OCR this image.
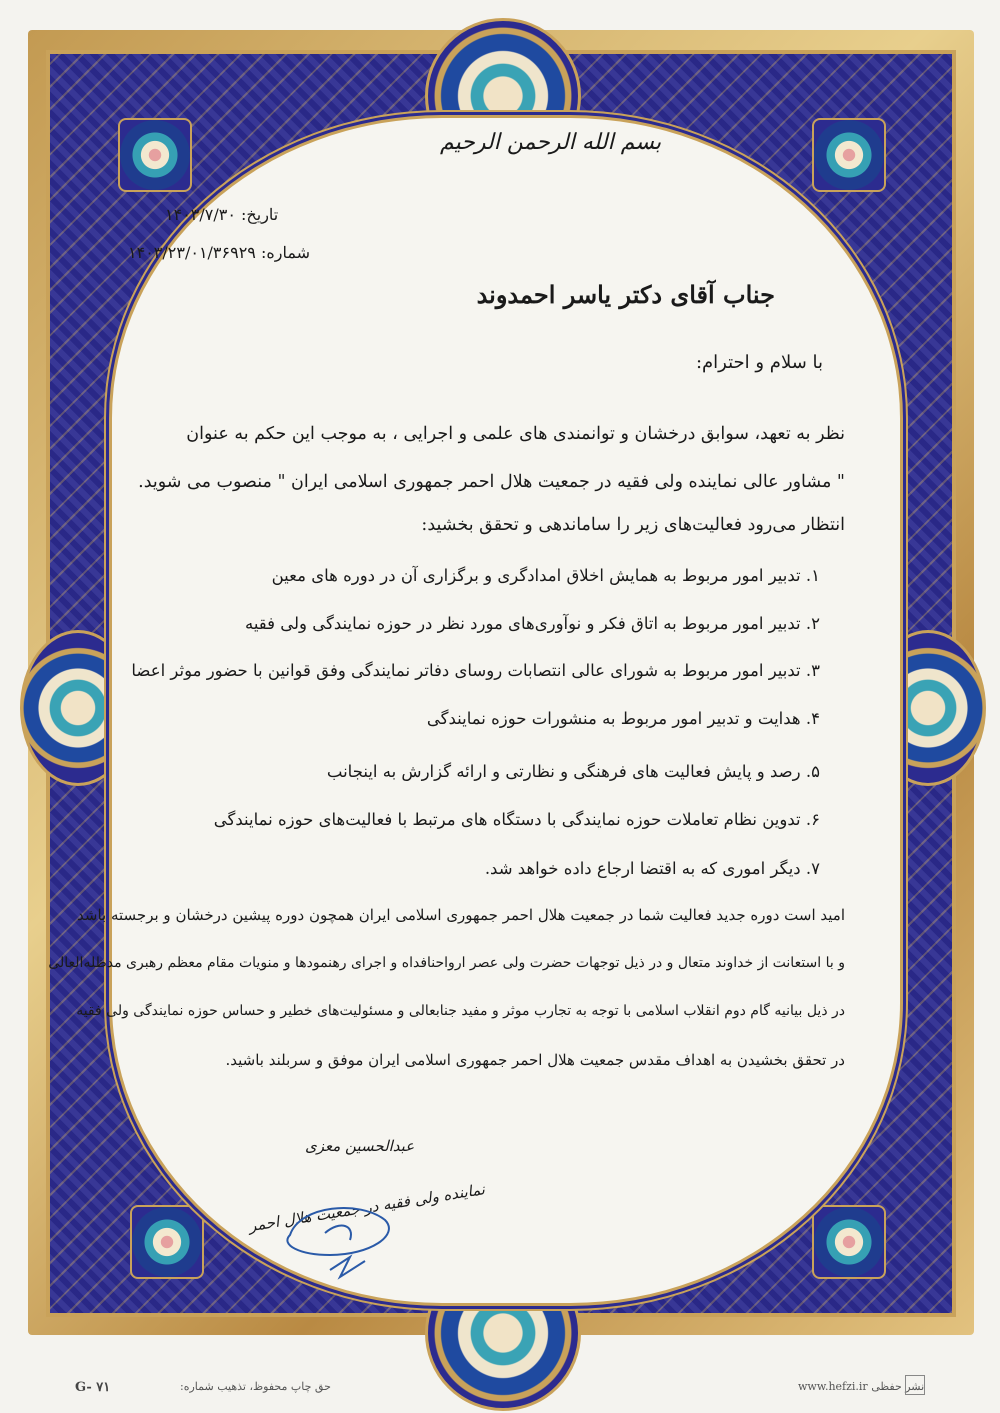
بسم الله الرحمن الرحیم
تاریخ: ۱۴۰۳/۷/۳۰
شماره: ۱۴۰۳/۲۳/۰۱/۳۶۹۲۹
جناب آقای دکتر یاسر احمدوند
با سلام و احترام:
نظر به تعهد، سوابق درخشان و توانمندی های علمی و اجرایی ، به موجب این حکم به عنوان
" مشاور عالی نماینده ولی فقیه در جمعیت هلال احمر جمهوری اسلامی ایران " منصوب می شوید.
انتظار می‌رود فعالیت‌های زیر را ساماندهی و تحقق بخشید:
۱. تدبیر امور مربوط به همایش اخلاق امدادگری و برگزاری آن در دوره های معین
۲. تدبیر امور مربوط به اتاق فکر و نوآوری‌های مورد نظر در حوزه نمایندگی ولی فقیه
۳. تدبیر امور مربوط به شورای عالی انتصابات روسای دفاتر نمایندگی وفق قوانین با حضور موثر اعضا
۴. هدایت و تدبیر امور مربوط به منشورات حوزه نمایندگی
۵. رصد و پایش فعالیت های فرهنگی و نظارتی و ارائه گزارش به اینجانب
۶. تدوین نظام تعاملات حوزه نمایندگی با دستگاه های مرتبط با فعالیت‌های حوزه نمایندگی
۷. دیگر اموری که به اقتضا ارجاع داده خواهد شد.
امید است دوره جدید فعالیت شما در جمعیت هلال احمر جمهوری اسلامی ایران همچون دوره پیشین درخشان و برجسته باشد
و با استعانت از خداوند متعال و در ذیل توجهات حضرت ولی عصر ارواحنافداه و اجرای رهنمودها و منویات مقام معظم رهبری مدظله‌العالی
در ذیل بیانیه گام دوم انقلاب اسلامی با توجه به تجارب موثر و مفید جنابعالی و مسئولیت‌های خطیر و حساس حوزه نمایندگی ولی فقیه
در تحقق بخشیدن به اهداف مقدس جمعیت هلال احمر جمهوری اسلامی ایران موفق و سربلند باشید.
عبدالحسین معزی
نماینده ولی فقیه در جمعیت هلال احمر
G- ۷۱	حق چاپ محفوظ، تذهیب شماره:	www.hefzi.ir نشر حفظی
